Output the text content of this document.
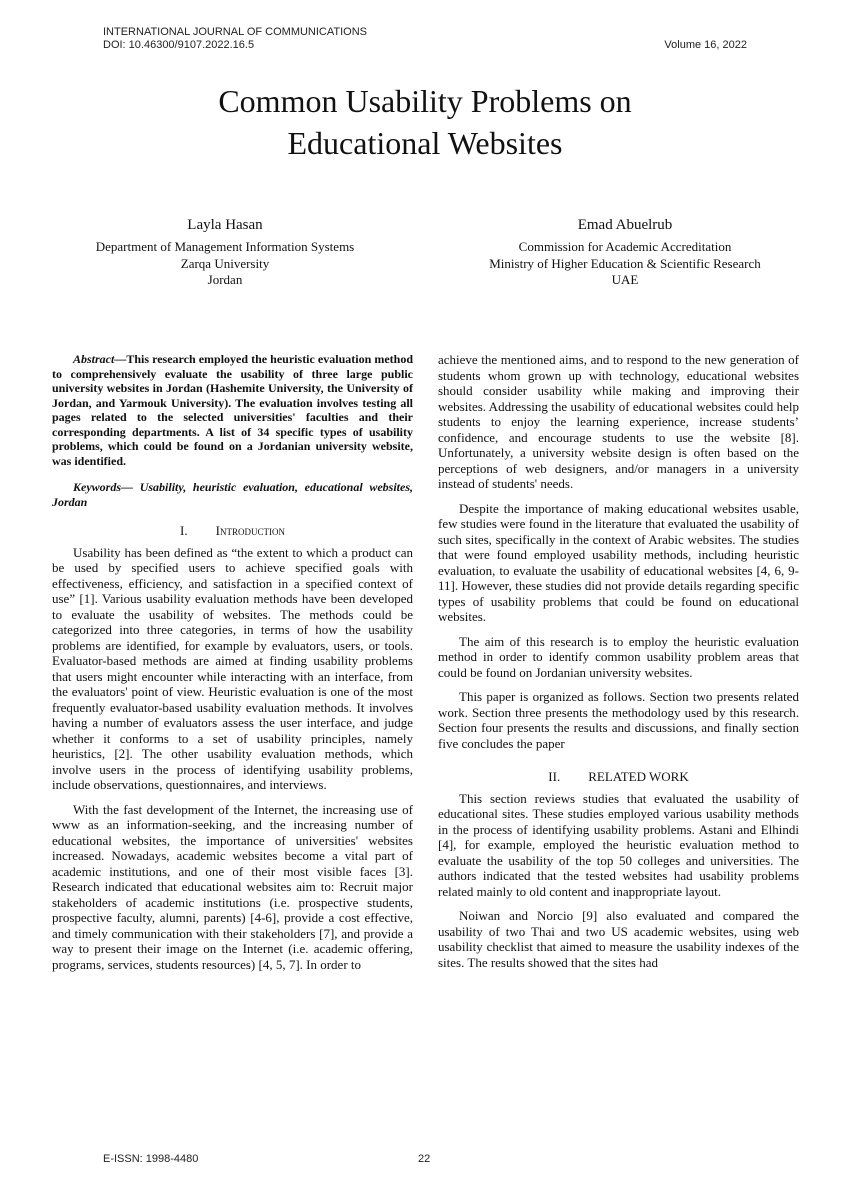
INTERNATIONAL JOURNAL OF COMMUNICATIONS
DOI: 10.46300/9107.2022.16.5	Volume 16, 2022
Common Usability Problems on
Educational Websites
Layla Hasan
Department of Management Information Systems
Zarqa University
Jordan
Emad Abuelrub
Commission for Academic Accreditation
Ministry of Higher Education & Scientific Research
UAE
Abstract—This research employed the heuristic evaluation method to comprehensively evaluate the usability of three large public university websites in Jordan (Hashemite University, the University of Jordan, and Yarmouk University). The evaluation involves testing all pages related to the selected universities' faculties and their corresponding departments. A list of 34 specific types of usability problems, which could be found on a Jordanian university website, was identified.
Keywords— Usability, heuristic evaluation, educational websites, Jordan
I. Introduction

Usability has been defined as “the extent to which a product can be used by specified users to achieve specified goals with effectiveness, efficiency, and satisfaction in a specified context of use” [1]. Various usability evaluation methods have been developed to evaluate the usability of websites. The methods could be categorized into three categories, in terms of how the usability problems are identified, for example by evaluators, users, or tools. Evaluator-based methods are aimed at finding usability problems that users might encounter while interacting with an interface, from the evaluators' point of view. Heuristic evaluation is one of the most frequently evaluator-based usability evaluation methods. It involves having a number of evaluators assess the user interface, and judge whether it conforms to a set of usability principles, namely heuristics, [2]. The other usability evaluation methods, which involve users in the process of identifying usability problems, include observations, questionnaires, and interviews.

With the fast development of the Internet, the increasing use of www as an information-seeking, and the increasing number of educational websites, the importance of universities' websites increased. Nowadays, academic websites become a vital part of academic institutions, and one of their most visible faces [3]. Research indicated that educational websites aim to: Recruit major stakeholders of academic institutions (i.e. prospective students, prospective faculty, alumni, parents) [4-6], provide a cost effective, and timely communication with their stakeholders [7], and provide a way to present their image on the Internet (i.e. academic offering, programs, services, students resources) [4, 5, 7]. In order to

achieve the mentioned aims, and to respond to the new generation of students whom grown up with technology, educational websites should consider usability while making and improving their websites. Addressing the usability of educational websites could help students to enjoy the learning experience, increase students’ confidence, and encourage students to use the website [8]. Unfortunately, a university website design is often based on the perceptions of web designers, and/or managers in a university instead of students' needs.

Despite the importance of making educational websites usable, few studies were found in the literature that evaluated the usability of such sites, specifically in the context of Arabic websites. The studies that were found employed usability methods, including heuristic evaluation, to evaluate the usability of educational websites [4, 6, 9-11]. However, these studies did not provide details regarding specific types of usability problems that could be found on educational websites.

The aim of this research is to employ the heuristic evaluation method in order to identify common usability problem areas that could be found on Jordanian university websites.

This paper is organized as follows. Section two presents related work. Section three presents the methodology used by this research. Section four presents the results and discussions, and finally section five concludes the paper

II. RELATED WORK

This section reviews studies that evaluated the usability of educational sites. These studies employed various usability methods in the process of identifying usability problems. Astani and Elhindi [4], for example, employed the heuristic evaluation method to evaluate the usability of the top 50 colleges and universities. The authors indicated that the tested websites had usability problems related mainly to old content and inappropriate layout.

Noiwan and Norcio [9] also evaluated and compared the usability of two Thai and two US academic websites, using web usability checklist that aimed to measure the usability indexes of the sites. The results showed that the sites had

E-ISSN: 1998-4480	22
